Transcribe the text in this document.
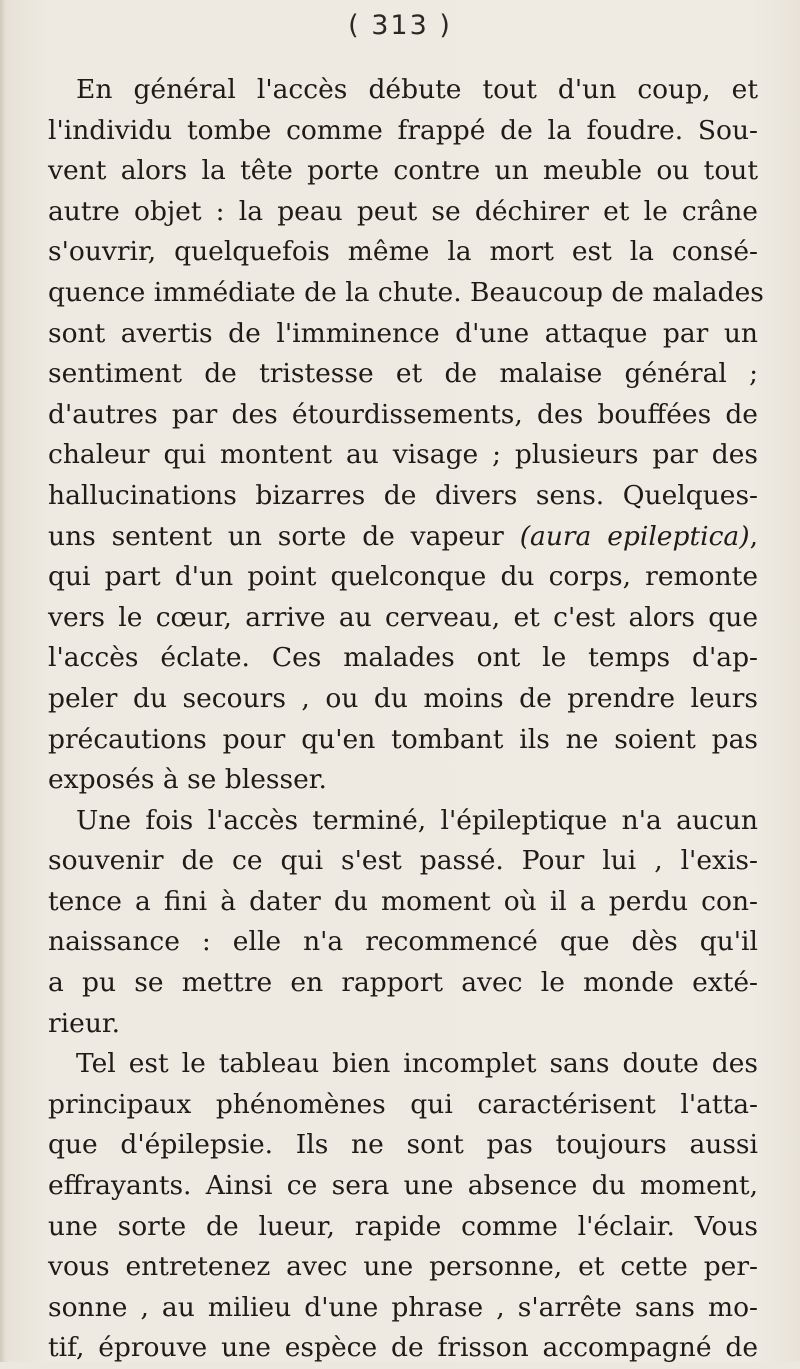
( 313 )
En général l'accès débute tout d'un coup, et
l'individu tombe comme frappé de la foudre. Sou-
vent alors la tête porte contre un meuble ou tout
autre objet : la peau peut se déchirer et le crâne
s'ouvrir, quelquefois même la mort est la consé-
quence immédiate de la chute. Beaucoup de malades
sont avertis de l'imminence d'une attaque par un
sentiment de tristesse et de malaise général ;
d'autres par des étourdissements, des bouffées de
chaleur qui montent au visage ; plusieurs par des
hallucinations bizarres de divers sens. Quelques-
uns sentent un sorte de vapeur (aura epileptica),
qui part d'un point quelconque du corps, remonte
vers le cœur, arrive au cerveau, et c'est alors que
l'accès éclate. Ces malades ont le temps d'ap-
peler du secours , ou du moins de prendre leurs
précautions pour qu'en tombant ils ne soient pas
exposés à se blesser.
Une fois l'accès terminé, l'épileptique n'a aucun
souvenir de ce qui s'est passé. Pour lui , l'exis-
tence a fini à dater du moment où il a perdu con-
naissance : elle n'a recommencé que dès qu'il
a pu se mettre en rapport avec le monde exté-
rieur.
Tel est le tableau bien incomplet sans doute des
principaux phénomènes qui caractérisent l'atta-
que d'épilepsie. Ils ne sont pas toujours aussi
effrayants. Ainsi ce sera une absence du moment,
une sorte de lueur, rapide comme l'éclair. Vous
vous entretenez avec une personne, et cette per-
sonne , au milieu d'une phrase , s'arrête sans mo-
tif, éprouve une espèce de frisson accompagné de
